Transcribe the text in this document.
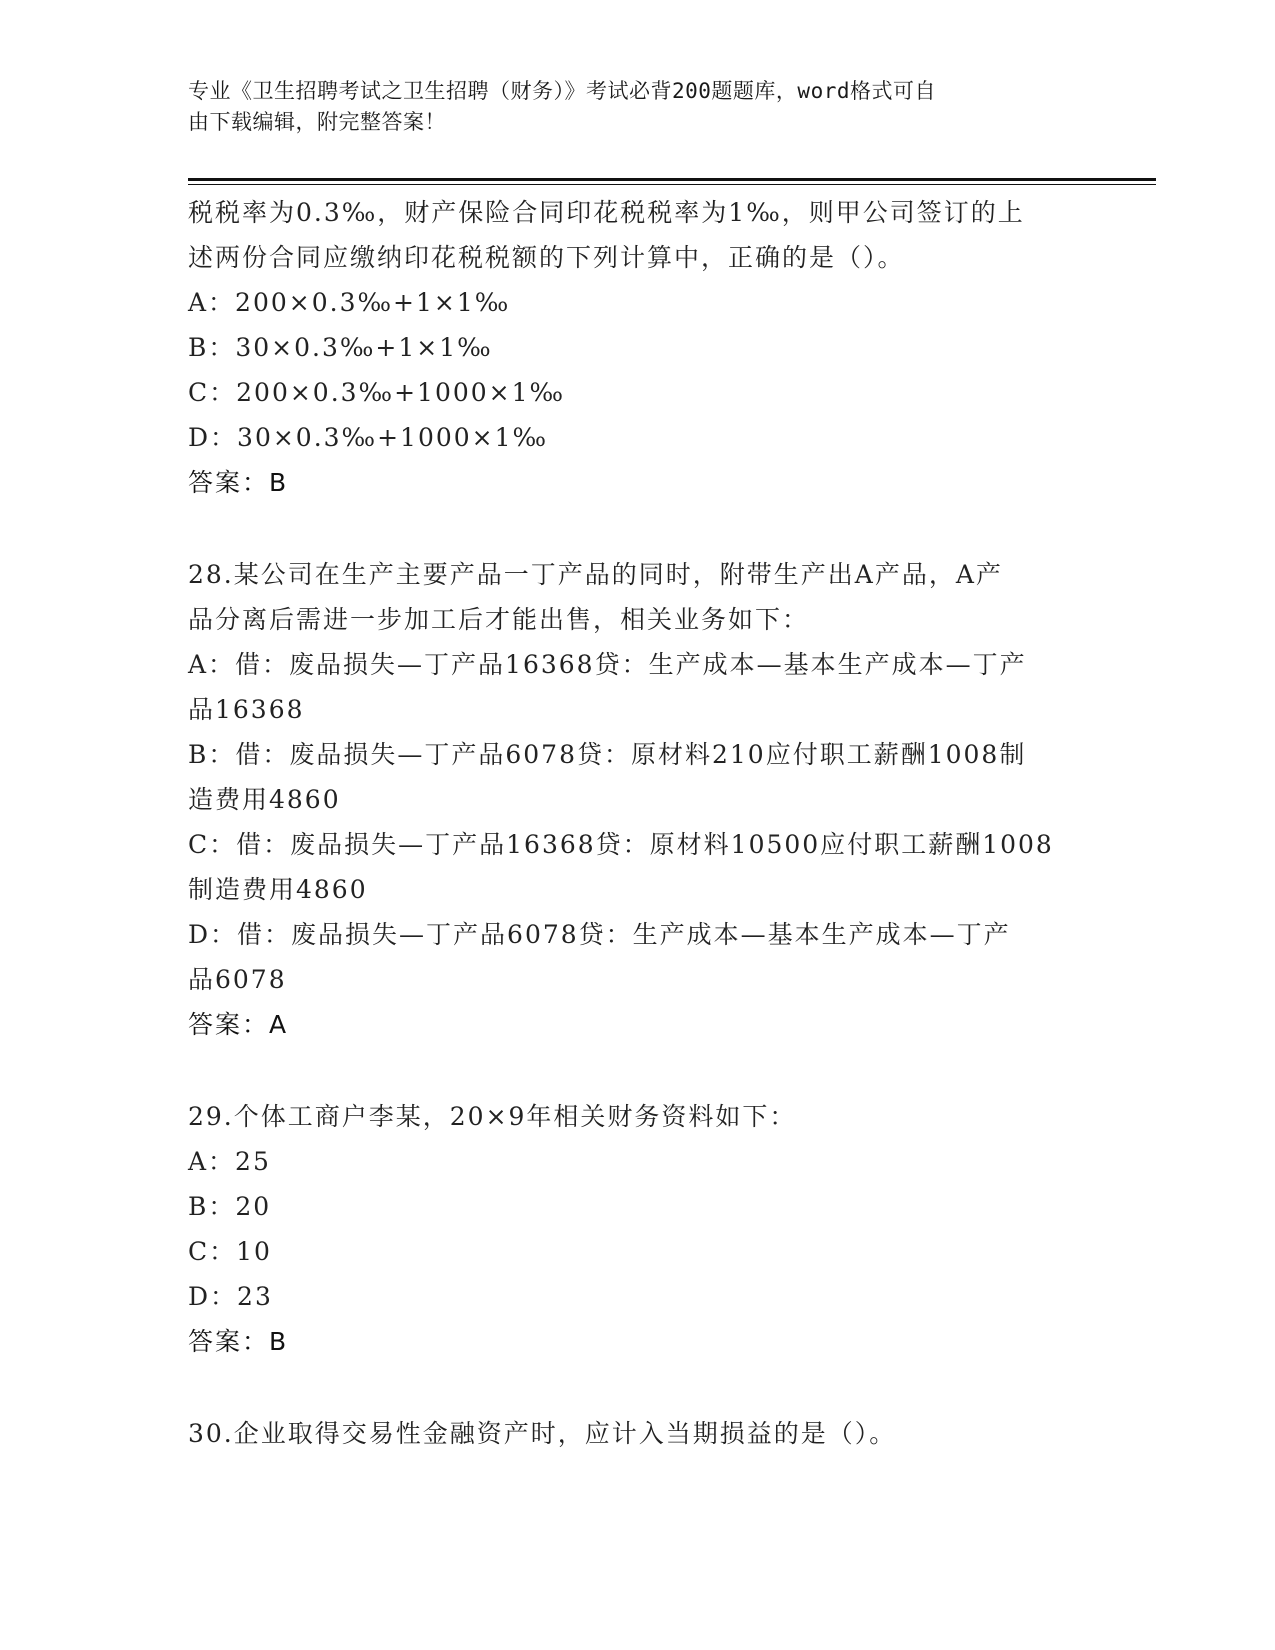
专业《卫生招聘考试之卫生招聘（财务）》考试必背200题题库，word格式可自
由下载编辑，附完整答案！
税税率为0.3‰，财产保险合同印花税税率为1‰，则甲公司签订的上
述两份合同应缴纳印花税税额的下列计算中，正确的是（）。
A：200×0.3‰+1×1‰
B：30×0.3‰+1×1‰
C：200×0.3‰+1000×1‰
D：30×0.3‰+1000×1‰
答案：B
28.某公司在生产主要产品一丁产品的同时，附带生产出A产品，A产
品分离后需进一步加工后才能出售，相关业务如下：
A：借：废品损失—丁产品16368贷：生产成本—基本生产成本—丁产
品16368
B：借：废品损失—丁产品6078贷：原材料210应付职工薪酬1008制
造费用4860
C：借：废品损失—丁产品16368贷：原材料10500应付职工薪酬1008
制造费用4860
D：借：废品损失—丁产品6078贷：生产成本—基本生产成本—丁产
品6078
答案：A
29.个体工商户李某，20×9年相关财务资料如下：
A：25
B：20
C：10
D：23
答案：B
30.企业取得交易性金融资产时，应计入当期损益的是（）。
